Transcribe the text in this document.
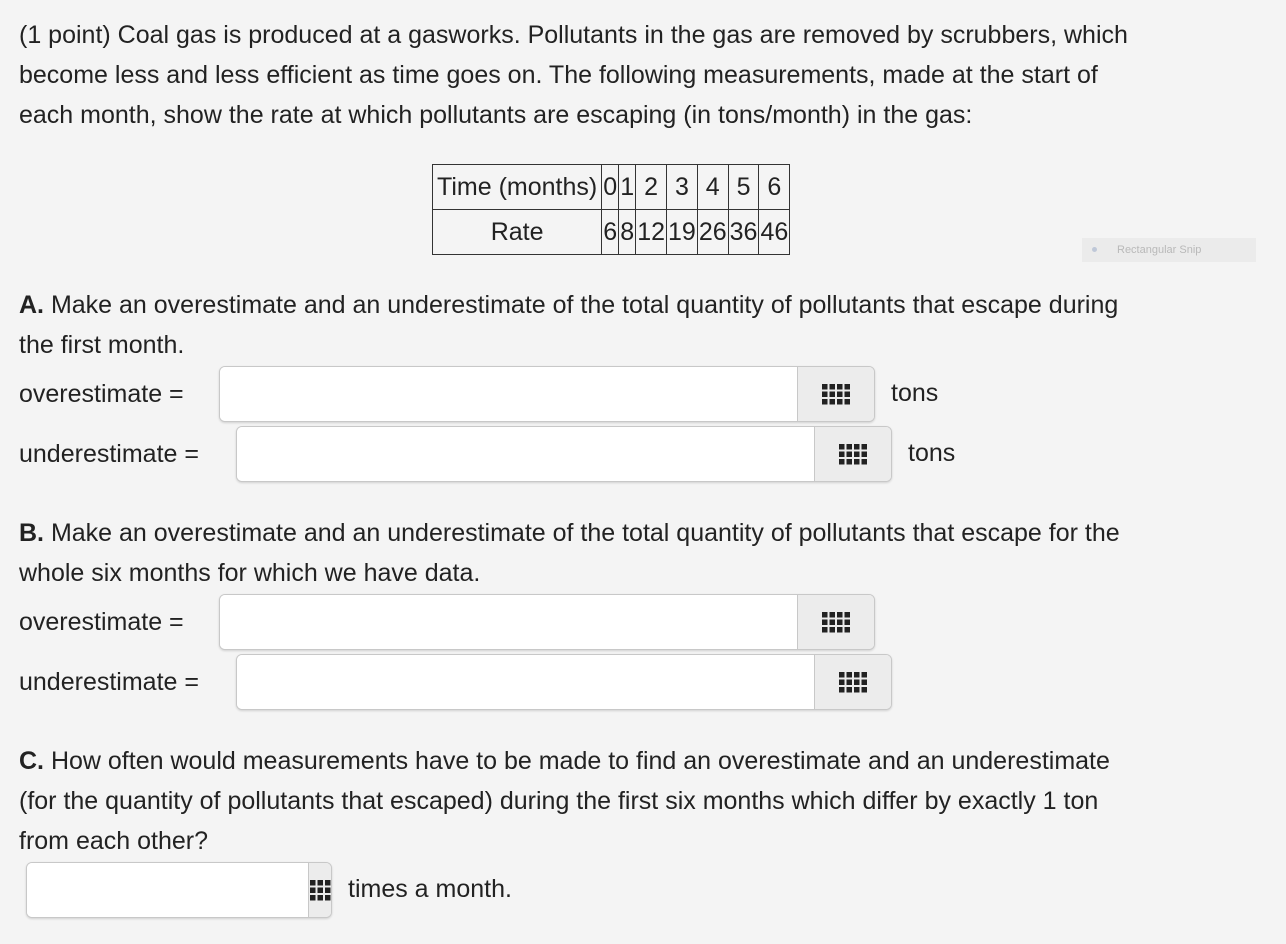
(1 point) Coal gas is produced at a gasworks. Pollutants in the gas are removed by scrubbers, which

become less and less efficient as time goes on. The following measurements, made at the start of

each month, show the rate at which pollutants are escaping (in tons/month) in the gas:

Time (months)	0	1	2	3	4	5	6
Rate	6	8	12	19	26	36	46
Rectangular Snip

A. Make an overestimate and an underestimate of the total quantity of pollutants that escape during
the first month.

overestimate =	tons
underestimate =	tons

B. Make an overestimate and an underestimate of the total quantity of pollutants that escape for the
whole six months for which we have data.

overestimate =
underestimate =

C. How often would measurements have to be made to find an overestimate and an underestimate
(for the quantity of pollutants that escaped) during the first six months which differ by exactly 1 ton
from each other?

times a month.
